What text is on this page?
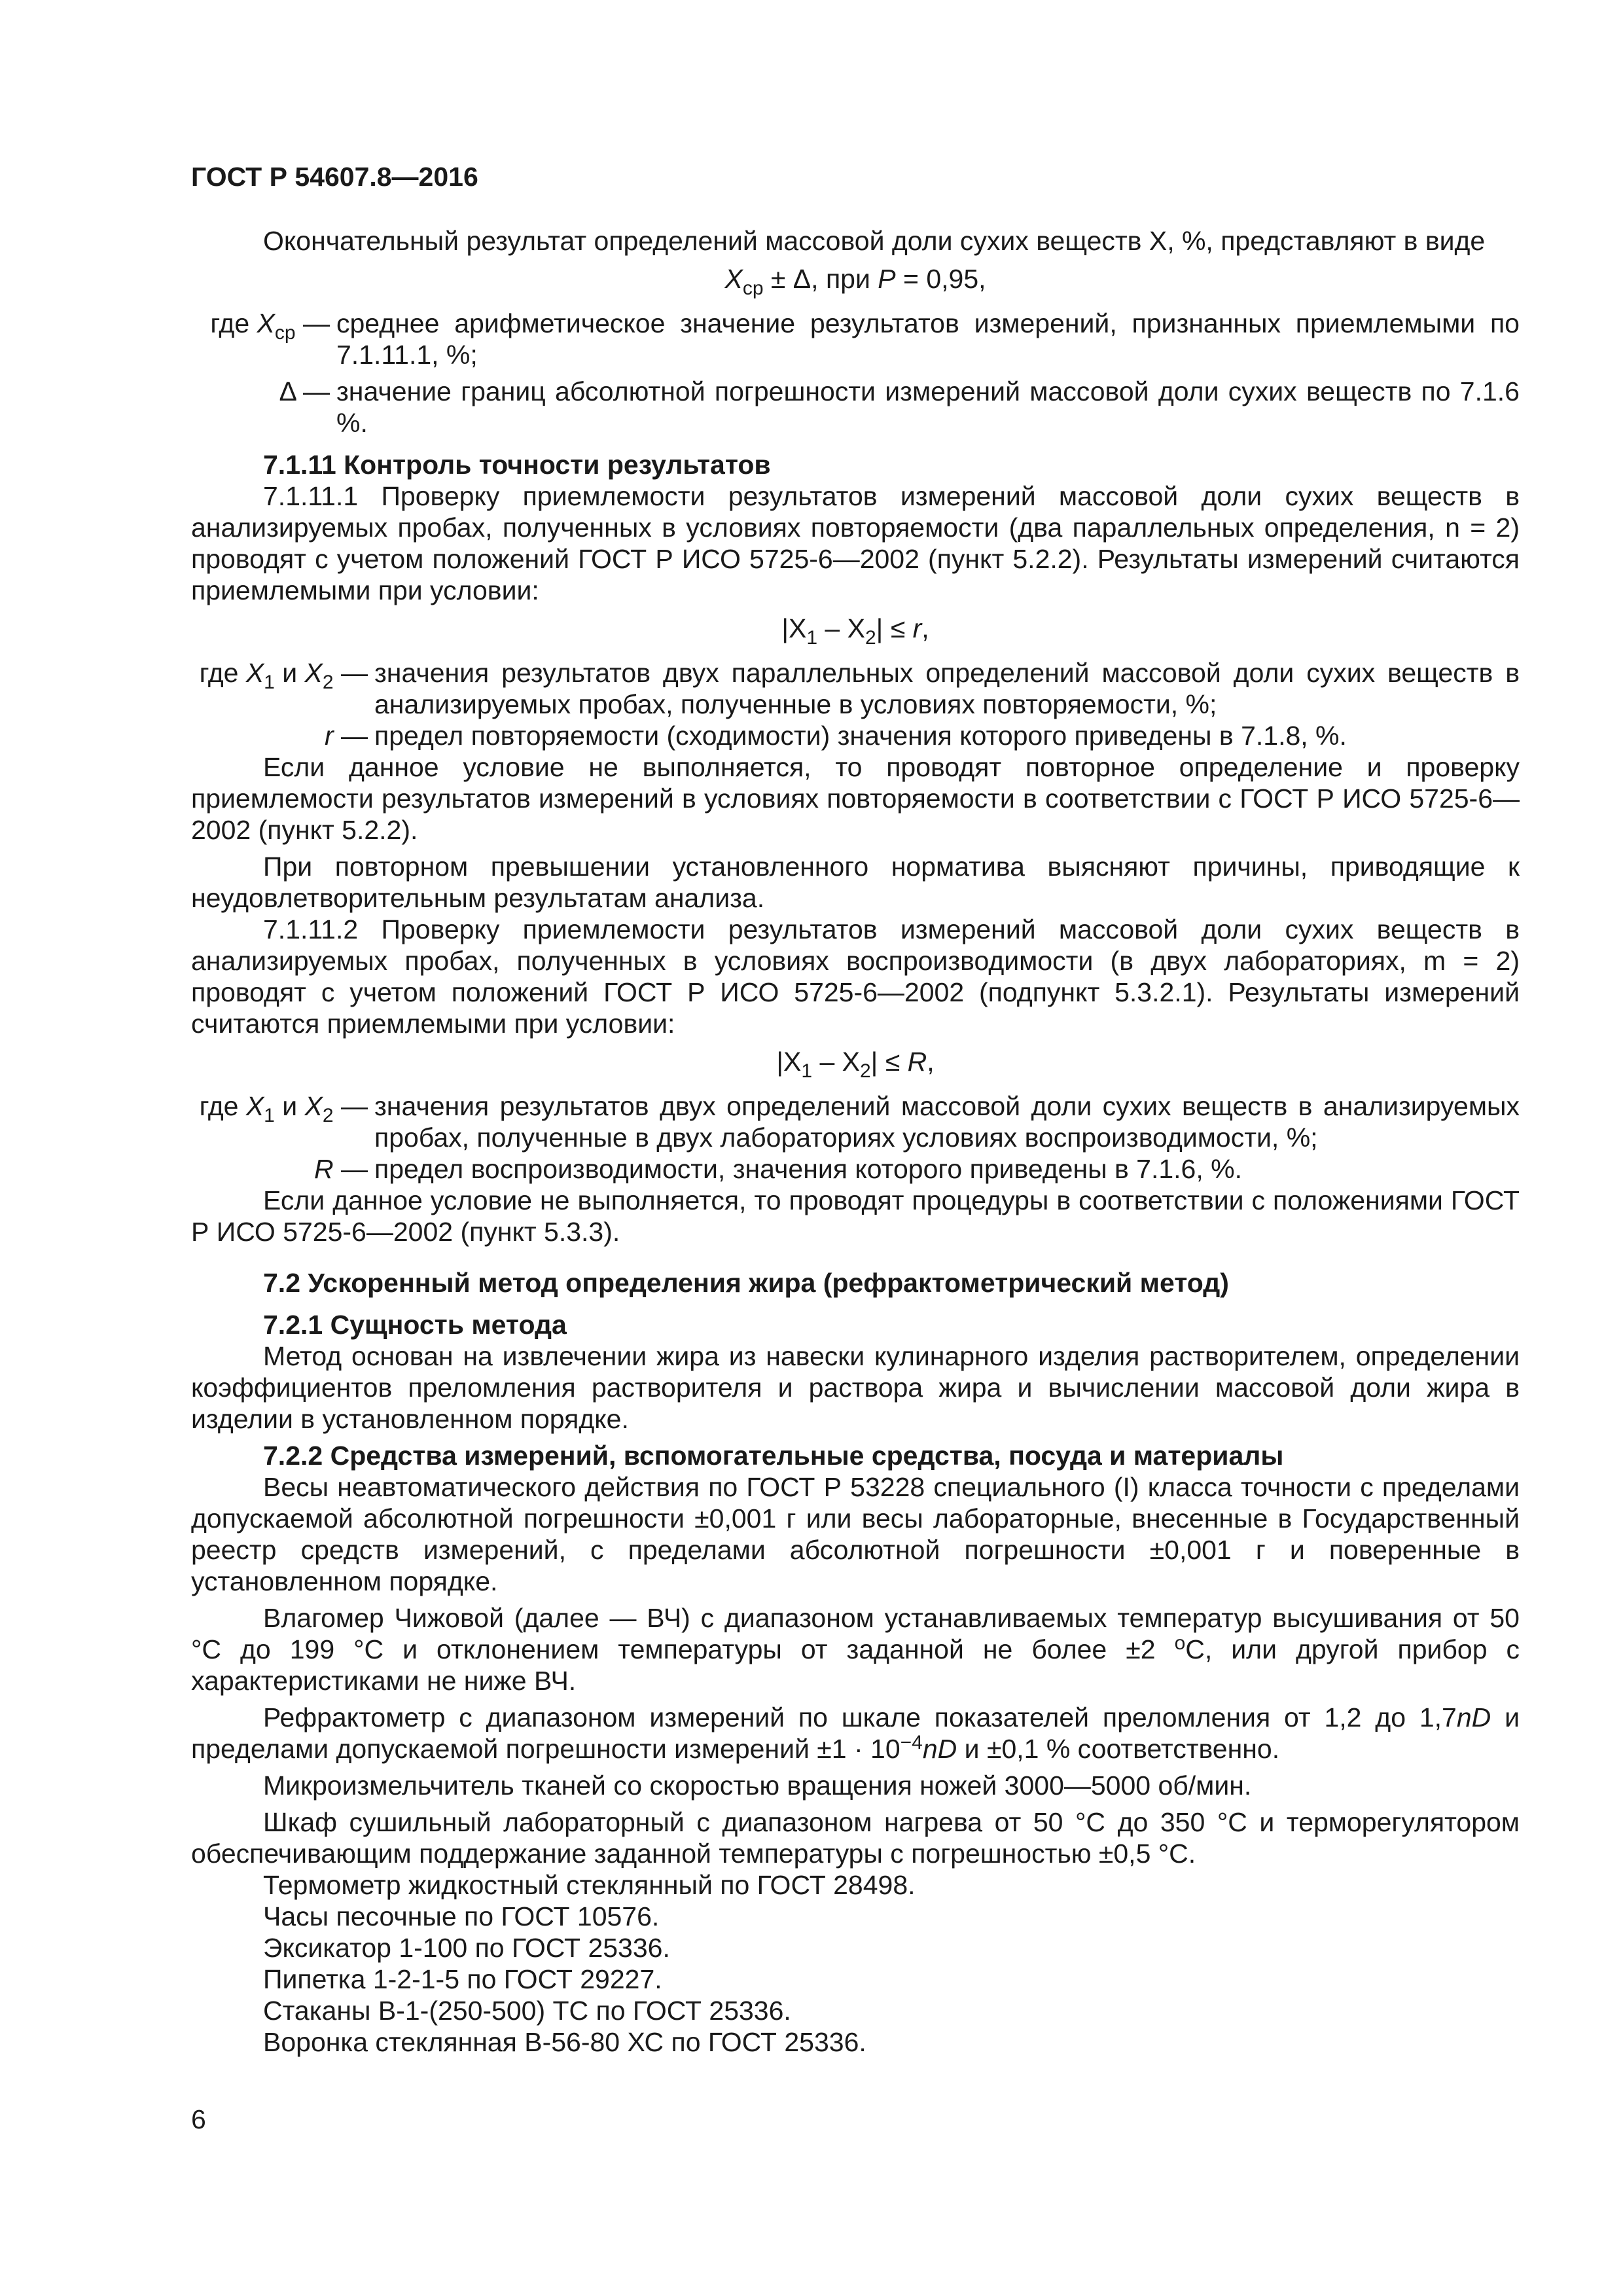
ГОСТ Р 54607.8—2016

Окончательный результат определений массовой доли сухих веществ X, %, представляют в виде

$X_{ср} \pm \Delta$, при P = 0,95,

где $X_{ср}$ — среднее арифметическое значение результатов измерений, признанных приемлемыми по 7.1.11.1, %;
Δ — значение границ абсолютной погрешности измерений массовой доли сухих веществ по 7.1.6 %.

7.1.11 Контроль точности результатов

7.1.11.1 Проверку приемлемости результатов измерений массовой доли сухих веществ в анализируемых пробах, полученных в условиях повторяемости (два параллельных определения, n = 2) проводят с учетом положений ГОСТ Р ИСО 5725-6—2002 (пункт 5.2.2). Результаты измерений считаются приемлемыми при условии:

$|X_1 - X_2| \le r$,

где $X_1$ и $X_2$ — значения результатов двух параллельных определений массовой доли сухих веществ в анализируемых пробах, полученные в условиях повторяемости, %;
r — предел повторяемости (сходимости) значения которого приведены в 7.1.8, %.

Если данное условие не выполняется, то проводят повторное определение и проверку приемлемости результатов измерений в условиях повторяемости в соответствии с ГОСТ Р ИСО 5725-6—2002 (пункт 5.2.2).

При повторном превышении установленного норматива выясняют причины, приводящие к неудовлетворительным результатам анализа.

7.1.11.2 Проверку приемлемости результатов измерений массовой доли сухих веществ в анализируемых пробах, полученных в условиях воспроизводимости (в двух лабораториях, m = 2) проводят с учетом положений ГОСТ Р ИСО 5725-6—2002 (подпункт 5.3.2.1). Результаты измерений считаются приемлемыми при условии:

$|X_1 - X_2| \le R$,

где $X_1$ и $X_2$ — значения результатов двух определений массовой доли сухих веществ в анализируемых пробах, полученные в двух лабораториях условиях воспроизводимости, %;
R — предел воспроизводимости, значения которого приведены в 7.1.6, %.

Если данное условие не выполняется, то проводят процедуры в соответствии с положениями ГОСТ Р ИСО 5725-6—2002 (пункт 5.3.3).

7.2 Ускоренный метод определения жира (рефрактометрический метод)

7.2.1 Сущность метода

Метод основан на извлечении жира из навески кулинарного изделия растворителем, определении коэффициентов преломления растворителя и раствора жира и вычислении массовой доли жира в изделии в установленном порядке.

7.2.2 Средства измерений, вспомогательные средства, посуда и материалы

Весы неавтоматического действия по ГОСТ Р 53228 специального (I) класса точности с пределами допускаемой абсолютной погрешности ±0,001 г или весы лабораторные, внесенные в Государственный реестр средств измерений, с пределами абсолютной погрешности ±0,001 г и поверенные в установленном порядке.

Влагомер Чижовой (далее — ВЧ) с диапазоном устанавливаемых температур высушивания от 50 °C до 199 °C и отклонением температуры от заданной не более ±2 $^о$С, или другой прибор с характеристиками не ниже ВЧ.

Рефрактометр с диапазоном измерений по шкале показателей преломления от 1,2 до 1,7nD и пределами допускаемой погрешности измерений $\pm 1 \cdot 10^{-4}nD$ и ±0,1 % соответственно.

Микроизмельчитель тканей со скоростью вращения ножей 3000—5000 об/мин.

Шкаф сушильный лабораторный с диапазоном нагрева от 50 °C до 350 °C и терморегулятором обеспечивающим поддержание заданной температуры с погрешностью ±0,5 °C.

Термометр жидкостный стеклянный по ГОСТ 28498.

Часы песочные по ГОСТ 10576.

Эксикатор 1-100 по ГОСТ 25336.

Пипетка 1-2-1-5 по ГОСТ 29227.

Стаканы В-1-(250-500) ТС по ГОСТ 25336.

Воронка стеклянная В-56-80 ХС по ГОСТ 25336.

6
